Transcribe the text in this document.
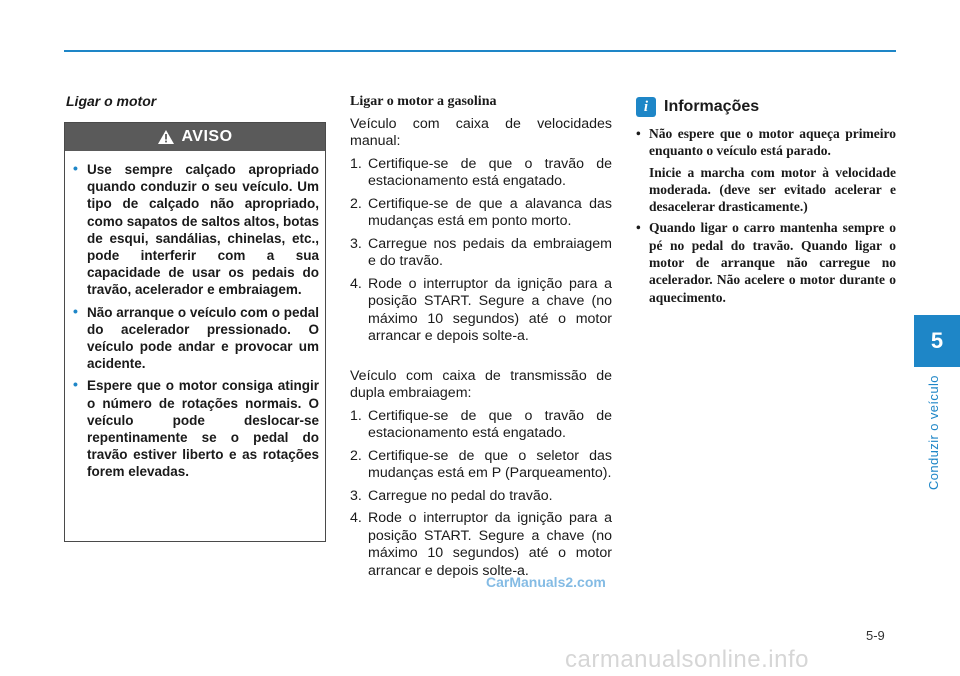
5
Conduzir o veículo
Ligar o motor
AVISO
• Use sempre calçado apropriado quando conduzir o seu veículo. Um tipo de calçado não apropriado, como sapatos de saltos altos, botas de esqui, sandálias, chinelas, etc., pode interferir com a sua capacidade de usar os pedais do travão, acelerador e embraiagem.
• Não arranque o veículo com o pedal do acelerador pressionado. O veículo pode andar e provocar um acidente.
• Espere que o motor consiga atingir o número de rotações normais. O veículo pode deslocar-se repentinamente se o pedal do travão estiver liberto e as rotações forem elevadas.
Ligar o motor a gasolina

Veículo com caixa de velocidades manual:

1. Certifique-se de que o travão de estacionamento está engatado.
2. Certifique-se de que a alavanca das mudanças está em ponto morto.
3. Carregue nos pedais da embraiagem e do travão.
4. Rode o interruptor da ignição para a posição START. Segure a chave (no máximo 10 segundos) até o motor arrancar e depois solte-a.

Veículo com caixa de transmissão de dupla embraiagem:

1. Certifique-se de que o travão de estacionamento está engatado.
2. Certifique-se de que o seletor das mudanças está em P (Parqueamento).
3. Carregue no pedal do travão.
4. Rode o interruptor da ignição para a posição START. Segure a chave (no máximo 10 segundos) até o motor arrancar e depois solte-a.
i Informações
• Não espere que o motor aqueça primeiro enquanto o veículo está parado.

Inicie a marcha com motor à velocidade moderada. (deve ser evitado acelerar e desacelerar drasticamente.)

• Quando ligar o carro mantenha sempre o pé no pedal do travão. Quando ligar o motor de arranque não carregue no acelerador. Não acelere o motor durante o aquecimento.

CarManuals2.com
5-9
carmanualsonline.info
